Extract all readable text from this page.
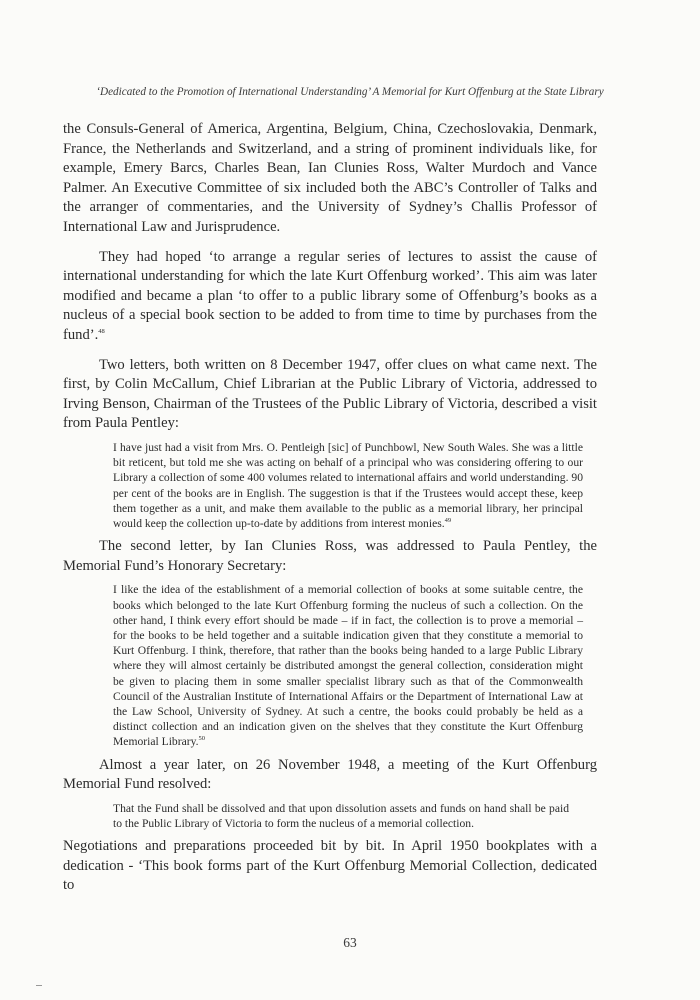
‘Dedicated to the Promotion of International Understanding’ A Memorial for Kurt Offenburg at the State Library

the Consuls-General of America, Argentina, Belgium, China, Czechoslovakia, Denmark, France, the Netherlands and Switzerland, and a string of prominent individuals like, for example, Emery Barcs, Charles Bean, Ian Clunies Ross, Walter Murdoch and Vance Palmer. An Executive Committee of six included both the ABC’s Controller of Talks and the arranger of commentaries, and the University of Sydney’s Challis Professor of International Law and Jurisprudence.

They had hoped ‘to arrange a regular series of lectures to assist the cause of international understanding for which the late Kurt Offenburg worked’. This aim was later modified and became a plan ‘to offer to a public library some of Offenburg’s books as a nucleus of a special book section to be added to from time to time by purchases from the fund’.$^{48}$

Two letters, both written on 8 December 1947, offer clues on what came next. The first, by Colin McCallum, Chief Librarian at the Public Library of Victoria, addressed to Irving Benson, Chairman of the Trustees of the Public Library of Victoria, described a visit from Paula Pentley:

I have just had a visit from Mrs. O. Pentleigh [sic] of Punchbowl, New South Wales. She was a little bit reticent, but told me she was acting on behalf of a principal who was considering offering to our Library a collection of some 400 volumes related to international affairs and world understanding. 90 per cent of the books are in English. The suggestion is that if the Trustees would accept these, keep them together as a unit, and make them available to the public as a memorial library, her principal would keep the collection up-to-date by additions from interest monies.$^{49}$

The second letter, by Ian Clunies Ross, was addressed to Paula Pentley, the Memorial Fund’s Honorary Secretary:

I like the idea of the establishment of a memorial collection of books at some suitable centre, the books which belonged to the late Kurt Offenburg forming the nucleus of such a collection. On the other hand, I think every effort should be made – if in fact, the collection is to prove a memorial – for the books to be held together and a suitable indication given that they constitute a memorial to Kurt Offenburg. I think, therefore, that rather than the books being handed to a large Public Library where they will almost certainly be distributed amongst the general collection, consideration might be given to placing them in some smaller specialist library such as that of the Commonwealth Council of the Australian Institute of International Affairs or the Department of International Law at the Law School, University of Sydney. At such a centre, the books could probably be held as a distinct collection and an indication given on the shelves that they constitute the Kurt Offenburg Memorial Library.$^{50}$

Almost a year later, on 26 November 1948, a meeting of the Kurt Offenburg Memorial Fund resolved:

That the Fund shall be dissolved and that upon dissolution assets and funds on hand shall be paid to the Public Library of Victoria to form the nucleus of a memorial collection.

Negotiations and preparations proceeded bit by bit. In April 1950 bookplates with a dedication - ‘This book forms part of the Kurt Offenburg Memorial Collection, dedicated to

63
